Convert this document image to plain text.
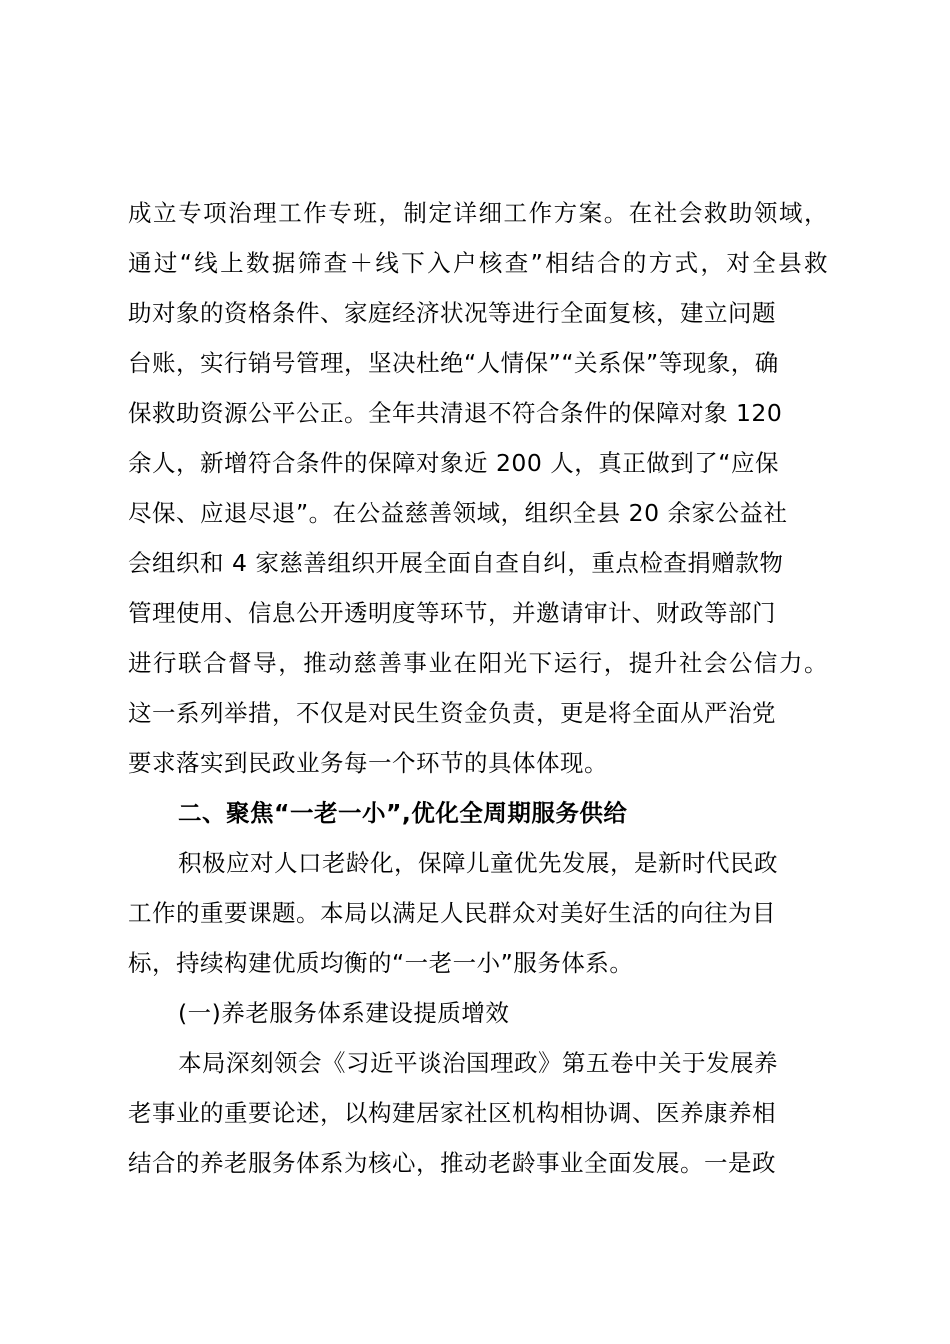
成立专项治理工作专班，制定详细工作方案。在社会救助领域，
通过“线上数据筛查＋线下入户核查”相结合的方式，对全县救
助对象的资格条件、家庭经济状况等进行全面复核，建立问题
台账，实行销号管理，坚决杜绝“人情保”“关系保”等现象，确
保救助资源公平公正。全年共清退不符合条件的保障对象 120
余人，新增符合条件的保障对象近 200 人，真正做到了“应保
尽保、应退尽退”。在公益慈善领域，组织全县 20 余家公益社
会组织和 4 家慈善组织开展全面自查自纠，重点检查捐赠款物
管理使用、信息公开透明度等环节，并邀请审计、财政等部门
进行联合督导，推动慈善事业在阳光下运行，提升社会公信力。
这一系列举措，不仅是对民生资金负责，更是将全面从严治党
要求落实到民政业务每一个环节的具体体现。
二、聚焦“一老一小”,优化全周期服务供给
积极应对人口老龄化，保障儿童优先发展，是新时代民政
工作的重要课题。本局以满足人民群众对美好生活的向往为目
标，持续构建优质均衡的“一老一小”服务体系。
(一)养老服务体系建设提质增效
本局深刻领会《习近平谈治国理政》第五卷中关于发展养
老事业的重要论述，以构建居家社区机构相协调、医养康养相
结合的养老服务体系为核心，推动老龄事业全面发展。一是政
